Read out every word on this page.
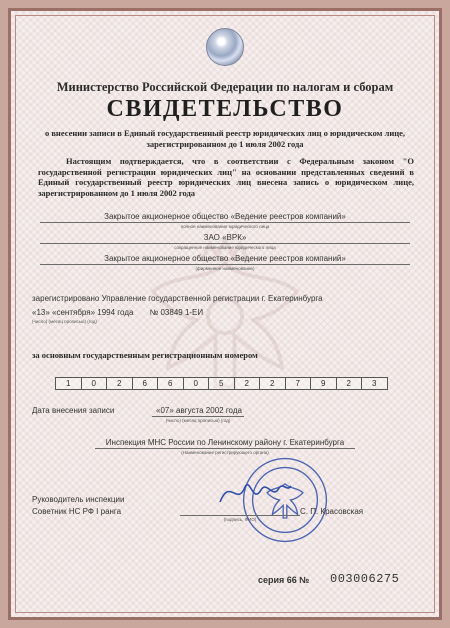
Министерство Российской Федерации по налогам и сборам
СВИДЕТЕЛЬСТВО
о внесении записи в Единый государственный реестр юридических лиц о юридическом лице, зарегистрированном до 1 июля 2002 года
Настоящим подтверждается, что в соответствии с Федеральным законом "О государственной регистрации юридических лиц" на основании представленных сведений в Единый государственный реестр юридических лиц внесена запись о юридическом лице, зарегистрированном до 1 июля 2002 года
Закрытое акционерное общество «Ведение реестров компаний»
полное наименование юридического лица
ЗАО «ВРК»
сокращенное наименование юридического лица
Закрытое акционерное общество «Ведение реестров компаний»
(фирменное наименование)
зарегистрировано Управление государственной регистрации г. Екатеринбурга
«13» «сентября» 1994 года № 03849 1-ЕИ
(число) (месяц прописью) (год)
за основным государственным регистрационным номером
1	0	2	6	6	0	5	2	2	7	9	2	3
Дата внесения записи	«07» августа 2002 года
(число) (месяц прописью) (год)
Инспекция МНС России по Ленинскому району г. Екатеринбурга
(Наименование регистрирующего органа)
Руководитель инспекции
Советник НС РФ I ранга
(подпись, ФИО)
С. П. Красовская
серия 66 № 003006275
